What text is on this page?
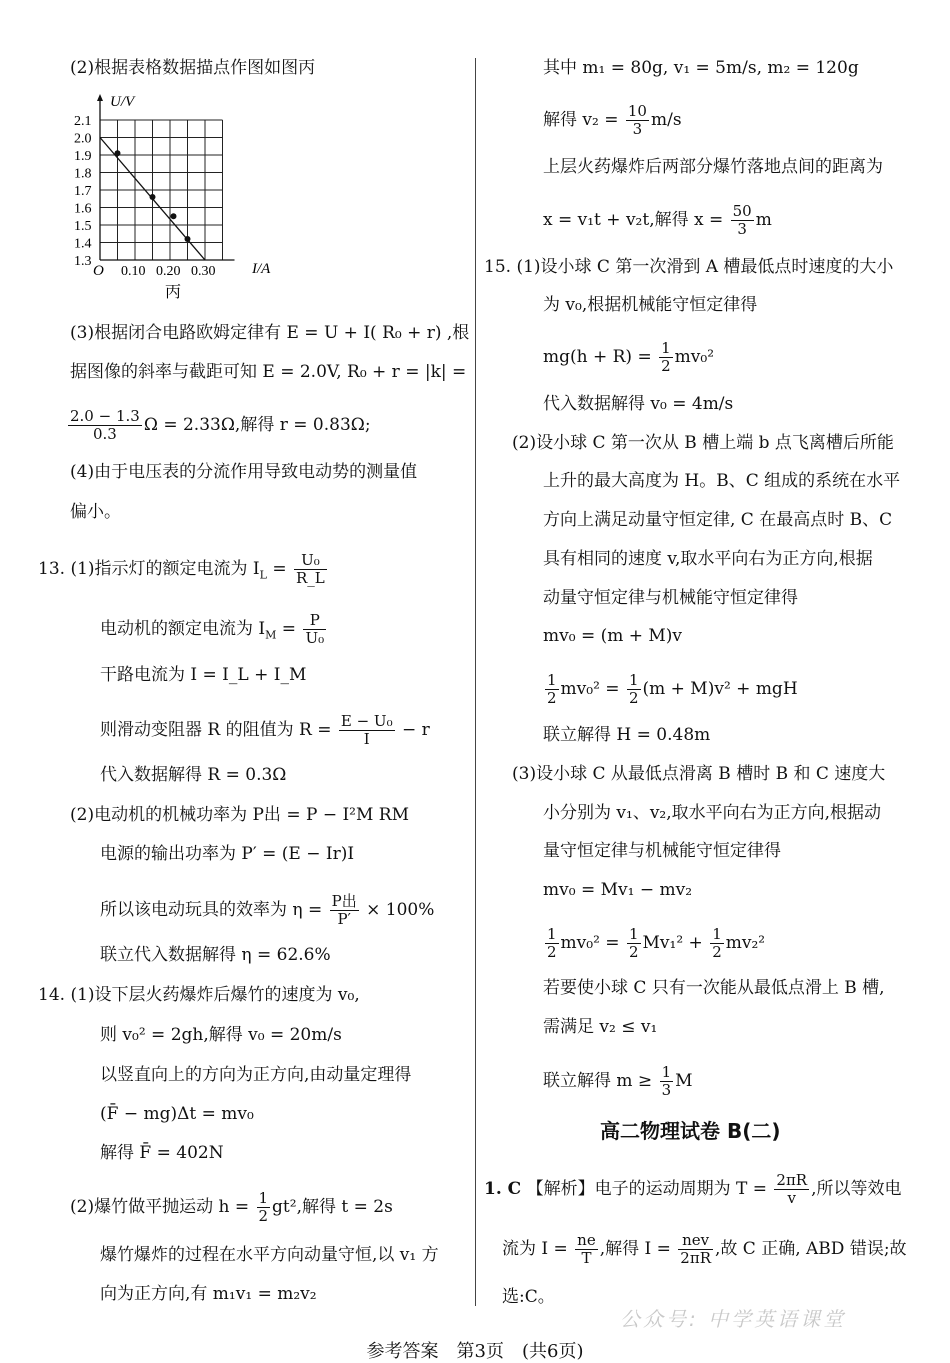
(2)根据表格数据描点作图如图丙
2.1
2.0
1.9
1.8
1.7
1.6
1.5
1.4
1.3
0.10 0.20 0.30
U/V
I/A
O
丙
(3)根据闭合电路欧姆定律有 E = U + I( R₀ + r) ,根
据图像的斜率与截距可知 E = 2.0V, R₀ + r = |k| =
$\frac{2.0 - 1.3}{0.3}$ Ω = 2.33Ω,解得 r = 0.83Ω;
(4)由于电压表的分流作用导致电动势的测量值
偏小。
13. (1)指示灯的额定电流为 $I_L = \frac{\text{U₀}}{R\_L}$
电动机的额定电流为 $I_M = \frac{P}{\text{U₀}}$
干路电流为 I = I_L + I_M
则滑动变阻器 R 的阻值为 $R = \frac{\text{E − U₀}}{I} - r$
代入数据解得 R = 0.3Ω
(2)电动机的机械功率为 P出 = P − I²M RM
电源的输出功率为 P′ = (E − Ir)I
所以该电动玩具的效率为 $\eta = \frac{\text{P出}}{P'} \times 100\%$
联立代入数据解得 η = 62.6%
14. (1)设下层火药爆炸后爆竹的速度为 v₀,
则 v₀² = 2gh,解得 v₀ = 20m/s
以竖直向上的方向为正方向,由动量定理得
(F̄ − mg)Δt = mv₀
解得 F̄ = 402N
(2)爆竹做平抛运动 $h = \frac{1}{2} gt^2$,解得 t = 2s
爆竹爆炸的过程在水平方向动量守恒,以 v₁ 方
向为正方向,有 m₁v₁ = m₂v₂
其中 m₁ = 80g, v₁ = 5m/s, m₂ = 120g
解得 $v_2 = \frac{10}{3} m/s$
上层火药爆炸后两部分爆竹落地点间的距离为
x = v₁t + v₂t,解得 $x = \frac{50}{3}$ m
15. (1)设小球 C 第一次滑到 A 槽最低点时速度的大小
为 v₀,根据机械能守恒定律得
$mg(h + R) = \frac{1}{2} mv_0^2$
代入数据解得 v₀ = 4m/s
(2)设小球 C 第一次从 B 槽上端 b 点飞离槽后所能
上升的最大高度为 H。B、C 组成的系统在水平
方向上满足动量守恒定律, C 在最高点时 B、C
具有相同的速度 v,取水平向右为正方向,根据
动量守恒定律与机械能守恒定律得
mv₀ = (m + M)v
$\frac{1}{2} mv_0^2 = \frac{1}{2} (m + M)v^2$ + mgH
联立解得 H = 0.48m
(3)设小球 C 从最低点滑离 B 槽时 B 和 C 速度大
小分别为 v₁、v₂,取水平向右为正方向,根据动
量守恒定律与机械能守恒定律得
mv₀ = Mv₁ − mv₂
$\frac{1}{2} mv_0^2 = \frac{1}{2} Mv_1^2 + \frac{1}{2} mv_2^2$
若要使小球 C 只有一次能从最低点滑上 B 槽,
需满足 v₂ ≤ v₁
联立解得 $m \ge \frac{1}{3}$ M
高二物理试卷 B(二)
1. C 【解析】电子的运动周期为 $T = \frac{2\pi R}{v}$ ,所以等效电
流为 $I = \frac{ne}{T}$ ,解得 $I = \frac{\text{nev}}{2\pi R}$ ,故 C 正确, ABD 错误;故
选:C。
公众号: 中学英语课堂
参考答案　第3页　(共6页)
